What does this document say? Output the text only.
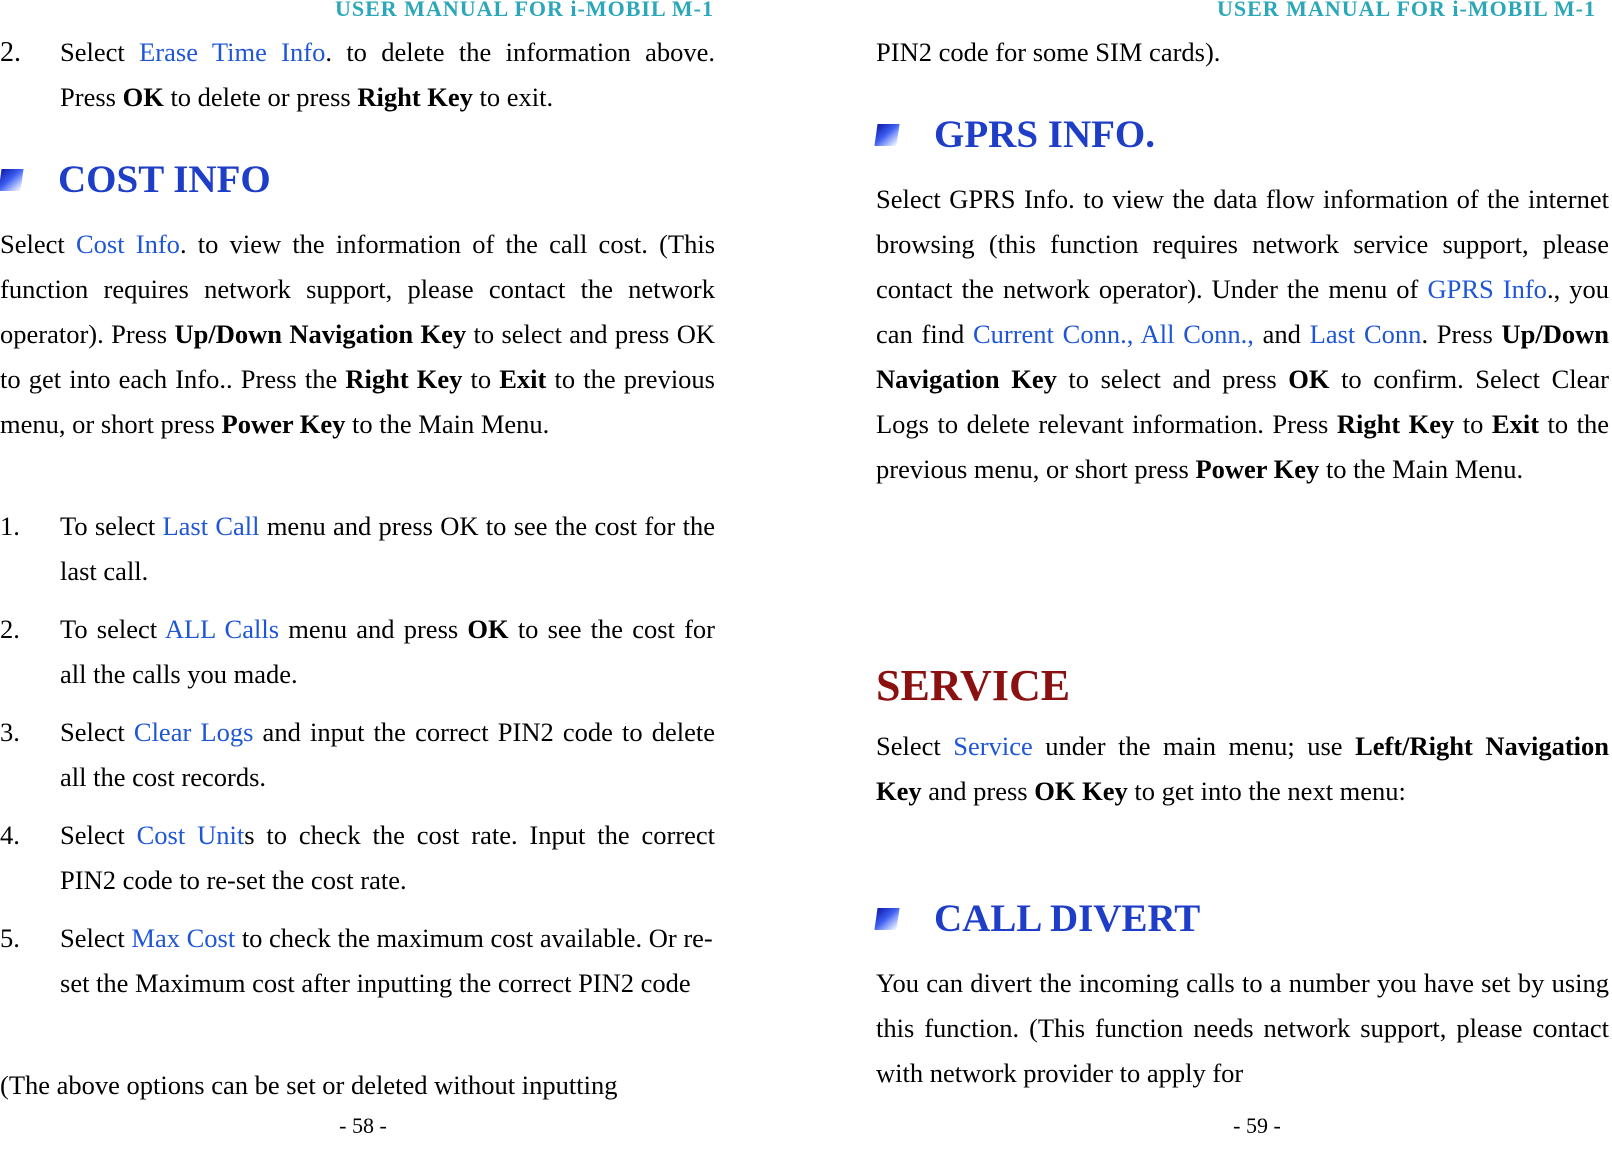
USER MANUAL FOR i-MOBIL M-1
2.	Select Erase Time Info. to delete the information above. Press OK to delete or press Right Key to exit.

COST INFO

Select Cost Info. to view the information of the call cost. (This function requires network support, please contact the network operator). Press Up/Down Navigation Key to select and press OK to get into each Info.. Press the Right Key to Exit to the previous menu, or short press Power Key to the Main Menu.

1.	To select Last Call menu and press OK to see the cost for the last call.

2.	To select ALL Calls menu and press OK to see the cost for all the calls you made.

3.	Select Clear Logs and input the correct PIN2 code to delete all the cost records.

4.	Select Cost Units to check the cost rate. Input the correct PIN2 code to re-set the cost rate.

5.	Select Max Cost to check the maximum cost available. Or re-set the Maximum cost after inputting the correct PIN2 code

(The above options can be set or deleted without inputting

- 58 -
USER MANUAL FOR i-MOBIL M-1

PIN2 code for some SIM cards).

GPRS INFO.

Select GPRS Info. to view the data flow information of the internet browsing (this function requires network service support, please contact the network operator). Under the menu of GPRS Info., you can find Current Conn., All Conn., and Last Conn. Press Up/Down Navigation Key to select and press OK to confirm. Select Clear Logs to delete relevant information. Press Right Key to Exit to the previous menu, or short press Power Key to the Main Menu.

SERVICE

Select Service under the main menu; use Left/Right Navigation Key and press OK Key to get into the next menu:

CALL DIVERT

You can divert the incoming calls to a number you have set by using this function. (This function needs network support, please contact with network provider to apply for

- 59 -
